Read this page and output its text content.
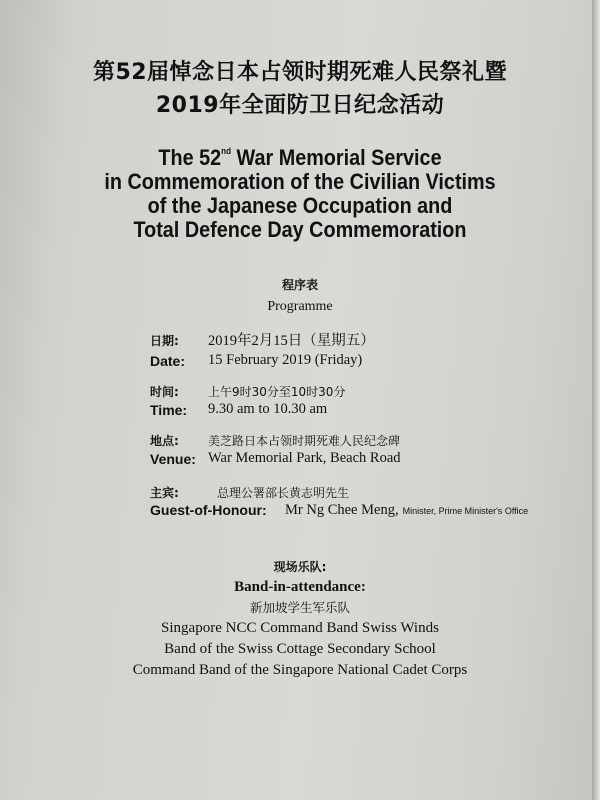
第52届悼念日本占领时期死难人民祭礼暨
2019年全面防卫日纪念活动
The 52nd War Memorial Service
in Commemoration of the Civilian Victims
of the Japanese Occupation and
Total Defence Day Commemoration
程序表
Programme
日期: 2019年2月15日（星期五）
Date: 15 February 2019 (Friday)
时间: 上午9时30分至10时30分
Time: 9.30 am to 10.30 am
地点: 美芝路日本占领时期死难人民纪念碑
Venue: War Memorial Park, Beach Road
主宾:	总理公署部长黄志明先生
Guest-of-Honour: Mr Ng Chee Meng, Minister, Prime Minister's Office
现场乐队:
Band-in-attendance:
新加坡学生军乐队
Singapore NCC Command Band Swiss Winds
Band of the Swiss Cottage Secondary School
Command Band of the Singapore National Cadet Corps
